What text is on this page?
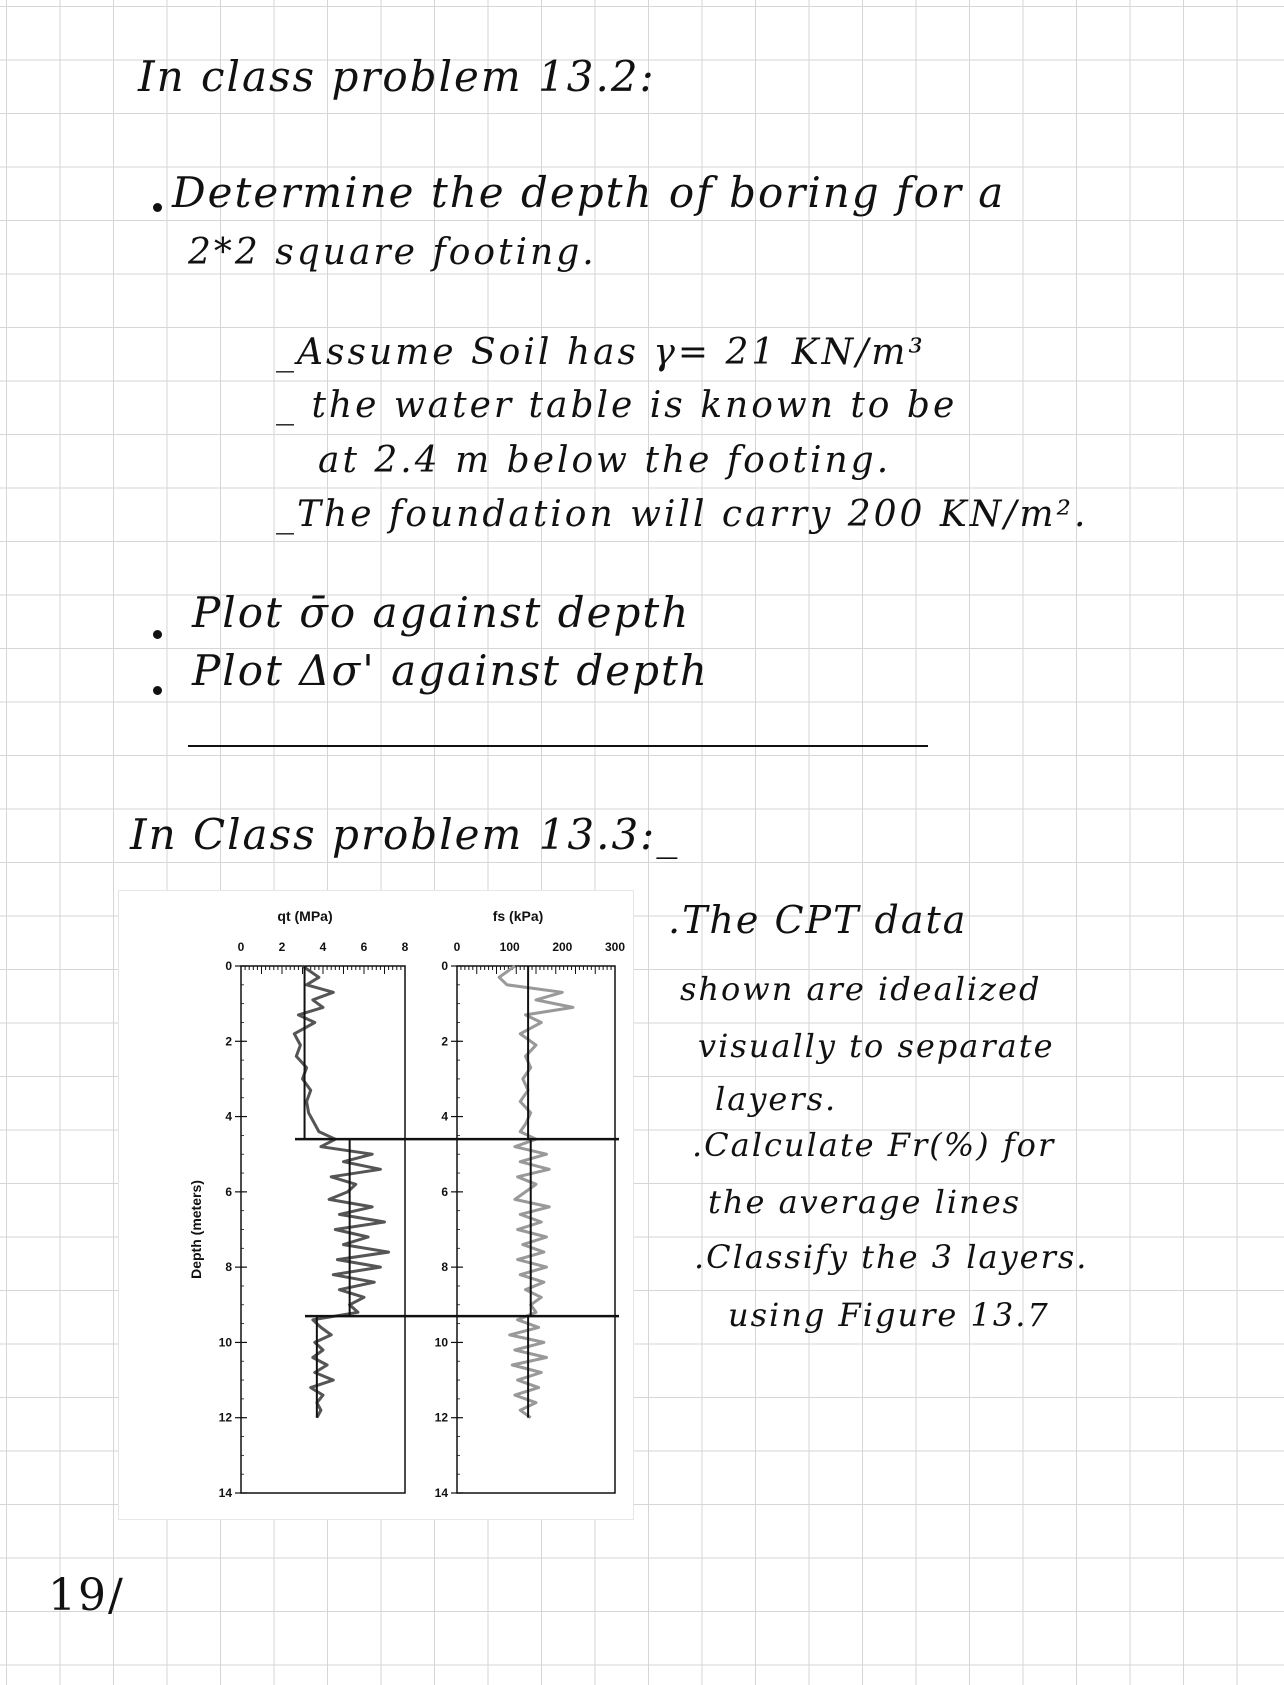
In class problem 13.2:
Determine the depth of boring for a
2*2 square footing.
_Assume Soil has γ= 21 KN/m³
_ the water table is known to be
at 2.4 m below the footing.
_The foundation will carry 200 KN/m².
Plot σ̄o against depth
Plot Δσ' against depth
In Class problem 13.3:_
qt (MPa)
0	2	4	6	8
0
2
4
6
8
10
12
14
fs (kPa)
0	100	200	300
0
2
4
6
8
10
12
14
Depth (meters)
.The CPT data
shown are idealized
visually to separate
layers.
.Calculate Fr(%) for
the average lines
.Classify the 3 layers.
using Figure 13.7
19/
